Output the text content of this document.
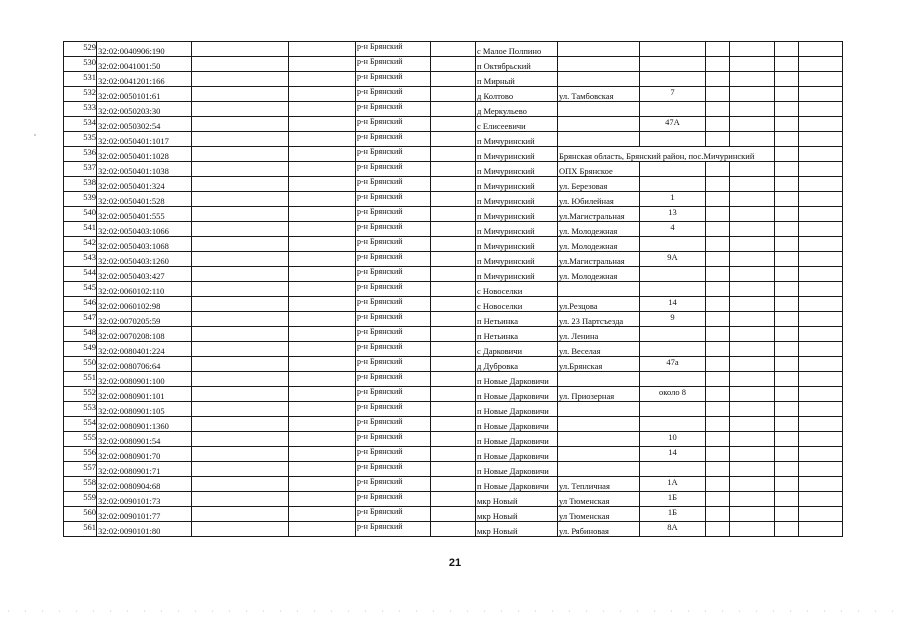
529	32:02:0040906:190			р-н Брянский		с Малое Полпино						
530	32:02:0041001:50			р-н Брянский		п Октябрьский						
531	32:02:0041201:166			р-н Брянский		п Мирный						
532	32:02:0050101:61			р-н Брянский		д Колтово	ул. Тамбовская	7				
533	32:02:0050203:30			р-н Брянский		д Меркульево						
534	32:02:0050302:54			р-н Брянский		с Елисеевичи		47А				
535	32:02:0050401:1017			р-н Брянский		п Мичуринский						
536	32:02:0050401:1028			р-н Брянский		п Мичуринский	Брянская область, Брянский район, пос.Мичуринский					
537	32:02:0050401:1038			р-н Брянский		п Мичуринский	ОПХ Брянское					
538	32:02:0050401:324			р-н Брянский		п Мичуринский	ул. Березовая					
539	32:02:0050401:528			р-н Брянский		п Мичуринский	ул. Юбилейная	1				
540	32:02:0050401:555			р-н Брянский		п Мичуринский	ул.Магистральная	13				
541	32:02:0050403:1066			р-н Брянский		п Мичуринский	ул. Молодежная	4				
542	32:02:0050403:1068			р-н Брянский		п Мичуринский	ул. Молодежная					
543	32:02:0050403:1260			р-н Брянский		п Мичуринский	ул.Магистральная	9А				
544	32:02:0050403:427			р-н Брянский		п Мичуринский	ул. Молодежная					
545	32:02:0060102:110			р-н Брянский		с Новоселки						
546	32:02:0060102:98			р-н Брянский		с Новоселки	ул.Резцова	14				
547	32:02:0070205:59			р-н Брянский		п Нетьинка	ул. 23 Партсъезда	9				
548	32:02:0070208:108			р-н Брянский		п Нетьинка	ул. Ленина					
549	32:02:0080401:224			р-н Брянский		с Дарковичи	ул. Веселая					
550	32:02:0080706:64			р-н Брянский		д Дубровка	ул.Брянская	47а				
551	32:02:0080901:100			р-н Брянский		п Новые Дарковичи						
552	32:02:0080901:101			р-н Брянский		п Новые Дарковичи	ул. Приозерная	около 8				
553	32:02:0080901:105			р-н Брянский		п Новые Дарковичи						
554	32:02:0080901:1360			р-н Брянский		п Новые Дарковичи						
555	32:02:0080901:54			р-н Брянский		п Новые Дарковичи		10				
556	32:02:0080901:70			р-н Брянский		п Новые Дарковичи		14				
557	32:02:0080901:71			р-н Брянский		п Новые Дарковичи						
558	32:02:0080904:68			р-н Брянский		п Новые Дарковичи	ул. Тепличная	1А				
559	32:02:0090101:73			р-н Брянский		мкр Новый	ул Тюменская	1Б				
560	32:02:0090101:77			р-н Брянский		мкр Новый	ул Тюменская	1Б				
561	32:02:0090101:80			р-н Брянский		мкр Новый	ул. Рябиновая	8А				
21
